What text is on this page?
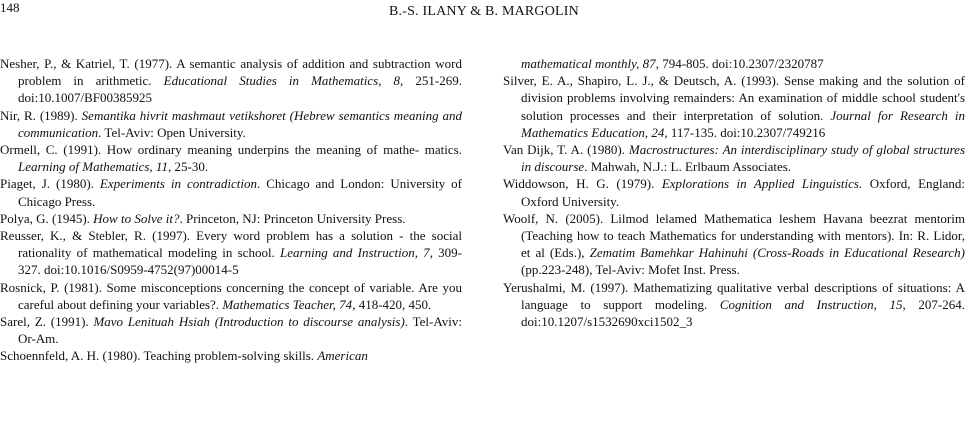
148	B.-S. ILANY & B. MARGOLIN

Nesher, P., & Katriel, T. (1977). A semantic analysis of addition and subtraction word problem in arithmetic. Educational Studies in Mathematics, 8, 251-269. doi:10.1007/BF00385925

Nir, R. (1989). Semantika hivrit mashmaut vetikshoret (Hebrew semantics meaning and communication. Tel-Aviv: Open University.

Ormell, C. (1991). How ordinary meaning underpins the meaning of mathe- matics. Learning of Mathematics, 11, 25-30.

Piaget, J. (1980). Experiments in contradiction. Chicago and London: University of Chicago Press.

Polya, G. (1945). How to Solve it?. Princeton, NJ: Princeton University Press.

Reusser, K., & Stebler, R. (1997). Every word problem has a solution - the social rationality of mathematical modeling in school. Learning and Instruction, 7, 309-327. doi:10.1016/S0959-4752(97)00014-5

Rosnick, P. (1981). Some misconceptions concerning the concept of variable. Are you careful about defining your variables?. Mathematics Teacher, 74, 418-420, 450.

Sarel, Z. (1991). Mavo Lenituah Hsiah (Introduction to discourse analysis). Tel-Aviv: Or-Am.

Schoennfeld, A. H. (1980). Teaching problem-solving skills. American

mathematical monthly, 87, 794-805. doi:10.2307/2320787

Silver, E. A., Shapiro, L. J., & Deutsch, A. (1993). Sense making and the solution of division problems involving remainders: An examination of middle school student's solution processes and their interpretation of solution. Journal for Research in Mathematics Education, 24, 117-135. doi:10.2307/749216

Van Dijk, T. A. (1980). Macrostructures: An interdisciplinary study of global structures in discourse. Mahwah, N.J.: L. Erlbaum Associates.

Widdowson, H. G. (1979). Explorations in Applied Linguistics. Oxford, England: Oxford University.

Woolf, N. (2005). Lilmod lelamed Mathematica leshem Havana beezrat mentorim (Teaching how to teach Mathematics for understanding with mentors). In: R. Lidor, et al (Eds.), Zematim Bamehkar Hahinuhi (Cross-Roads in Educational Research) (pp.223-248), Tel-Aviv: Mofet Inst. Press.

Yerushalmi, M. (1997). Mathematizing qualitative verbal descriptions of situations: A language to support modeling. Cognition and Instruction, 15, 207-264. doi:10.1207/s1532690xci1502_3
